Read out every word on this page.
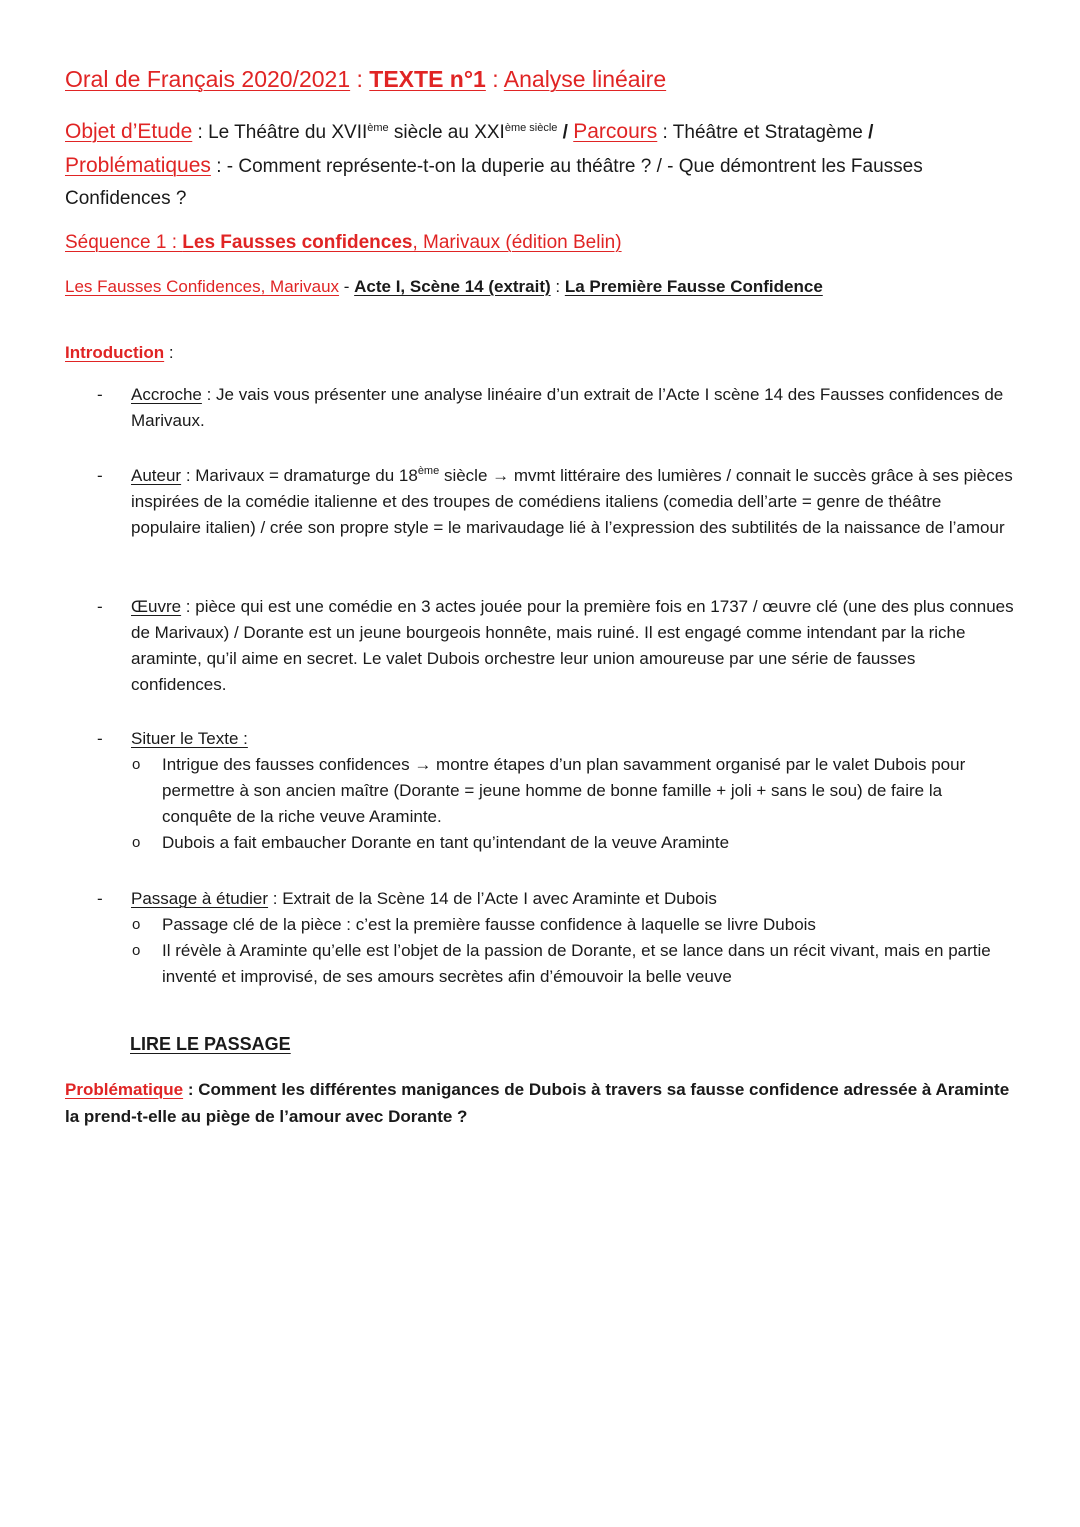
Oral de Français 2020/2021 : TEXTE n°1 : Analyse linéaire
Objet d’Etude : Le Théâtre du XVIIème siècle au $XXI^{ème siècle}$ / Parcours : Théâtre et Stratagème /
Problématiques : - Comment représente-t-on la duperie au théâtre ? / - Que démontrent les Fausses
Confidences ?
Séquence 1 : Les Fausses confidences, Marivaux (édition Belin)
Les Fausses Confidences, Marivaux - Acte I, Scène 14 (extrait) : La Première Fausse Confidence
Introduction :
- Accroche : Je vais vous présenter une analyse linéaire d’un extrait de l’Acte I scène 14 des Fausses confidences de Marivaux.
- Auteur : Marivaux = dramaturge du 18ème siècle → mvmt littéraire des lumières / connait le succès grâce à ses pièces inspirées de la comédie italienne et des troupes de comédiens italiens (comedia dell’arte = genre de théâtre populaire italien) / crée son propre style = le marivaudage lié à l’expression des subtilités de la naissance de l’amour
- Œuvre : pièce qui est une comédie en 3 actes jouée pour la première fois en 1737 / œuvre clé (une des plus connues de Marivaux) / Dorante est un jeune bourgeois honnête, mais ruiné. Il est engagé comme intendant par la riche araminte, qu’il aime en secret. Le valet Dubois orchestre leur union amoureuse par une série de fausses confidences.
- Situer le Texte :
o Intrigue des fausses confidences → montre étapes d’un plan savamment organisé par le valet Dubois pour permettre à son ancien maître (Dorante = jeune homme de bonne famille + joli + sans le sou) de faire la conquête de la riche veuve Araminte.
o Dubois a fait embaucher Dorante en tant qu’intendant de la veuve Araminte
- Passage à étudier : Extrait de la Scène 14 de l’Acte I avec Araminte et Dubois
o Passage clé de la pièce : c’est la première fausse confidence à laquelle se livre Dubois
o Il révèle à Araminte qu’elle est l’objet de la passion de Dorante, et se lance dans un récit vivant, mais en partie inventé et improvisé, de ses amours secrètes afin d’émouvoir la belle veuve
LIRE LE PASSAGE
Problématique : Comment les différentes manigances de Dubois à travers sa fausse confidence adressée à Araminte la prend-t-elle au piège de l’amour avec Dorante ?
